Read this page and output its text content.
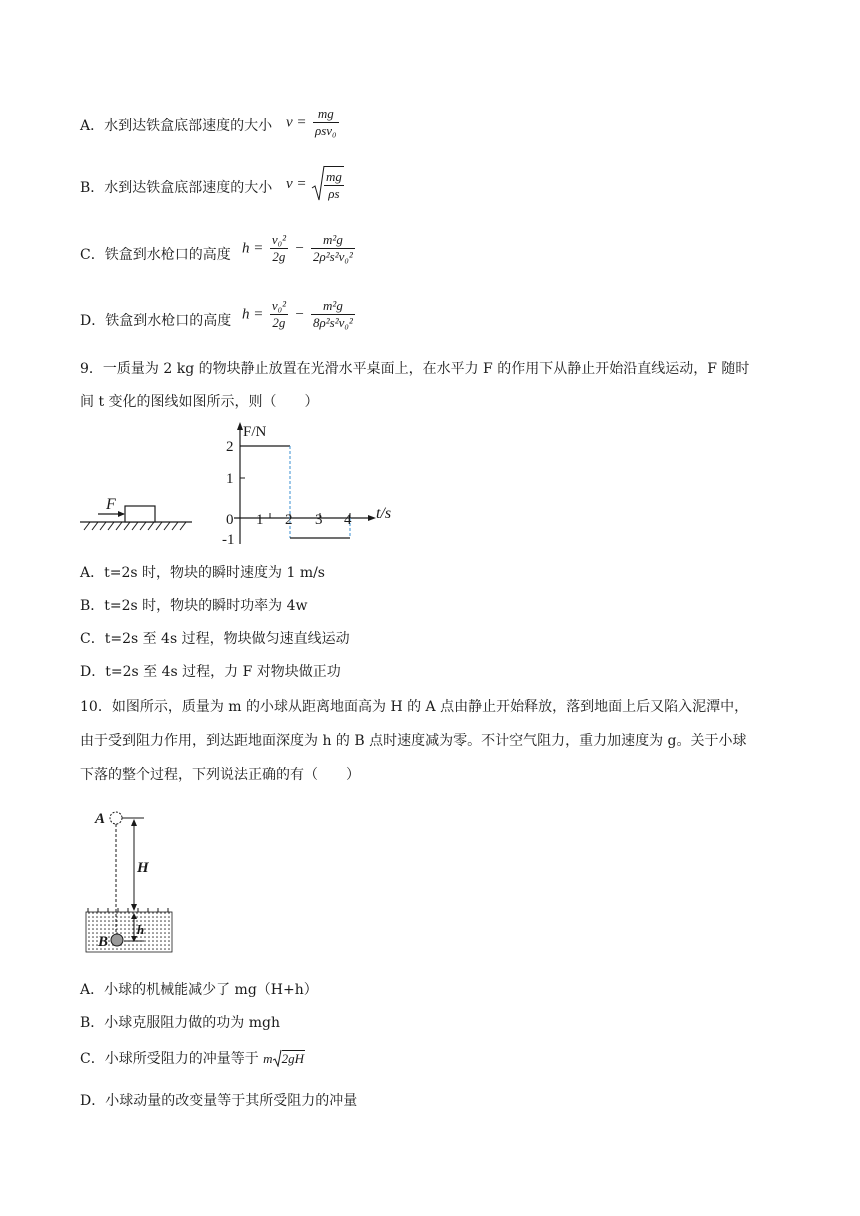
A．水到达铁盒底部速度的大小 $v = \frac{mg}{\text{ρsv₀}}$
B．水到达铁盒底部速度的大小 $v = \frac{mg}{\rho s}$
C．铁盒到水枪口的高度 $h = \frac{\text{v₀²}}{2g} - \frac{\text{m²g}}{\text{2ρ²s²v₀²}}$
D．铁盒到水枪口的高度 $h = \frac{\text{v₀²}}{2g} - \frac{\text{m²g}}{\text{8ρ²s²v₀²}}$
9．一质量为 2 kg 的物块静止放置在光滑水平桌面上，在水平力 F 的作用下从静止开始沿直线运动，F 随时
间 t 变化的图线如图所示，则（　　）
F
F/N
t/s
2
1
0
-1
1 2 3 4
A．t=2s 时，物块的瞬时速度为 1 m/s
B．t=2s 时，物块的瞬时功率为 4w
C．t=2s 至 4s 过程，物块做匀速直线运动
D．t=2s 至 4s 过程，力 F 对物块做正功
10．如图所示，质量为 m 的小球从距离地面高为 H 的 A 点由静止开始释放，落到地面上后又陷入泥潭中，
由于受到阻力作用，到达距地面深度为 h 的 B 点时速度减为零。不计空气阻力，重力加速度为 g。关于小球
下落的整个过程，下列说法正确的有（　　）
A
B
H
h
A．小球的机械能减少了 mg（H+h）
B．小球克服阻力做的功为 mgh
C．小球所受阻力的冲量等于 m 2gH
D．小球动量的改变量等于其所受阻力的冲量
